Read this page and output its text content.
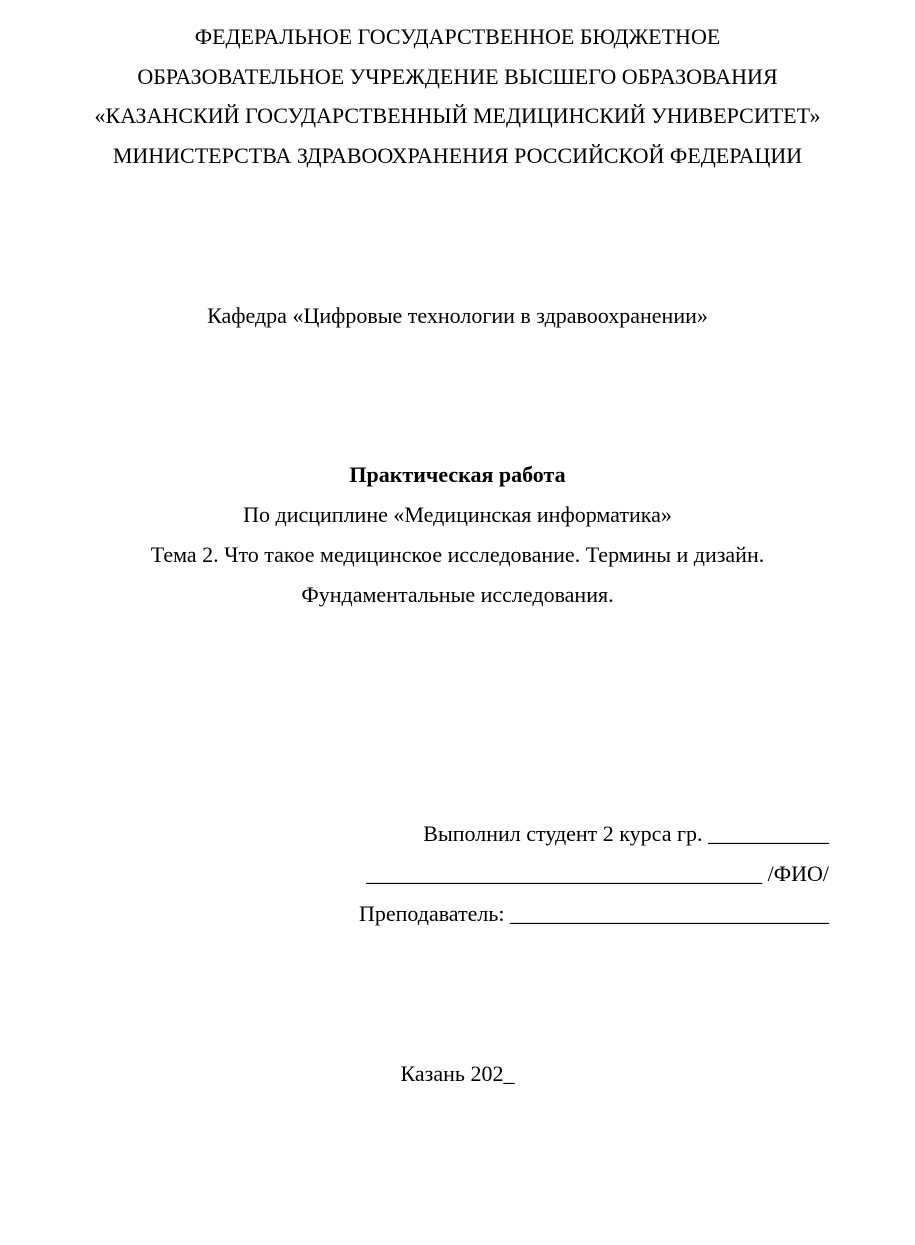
ФЕДЕРАЛЬНОЕ ГОСУДАРСТВЕННОЕ БЮДЖЕТНОЕ

ОБРАЗОВАТЕЛЬНОЕ УЧРЕЖДЕНИЕ ВЫСШЕГО ОБРАЗОВАНИЯ

«КАЗАНСКИЙ ГОСУДАРСТВЕННЫЙ МЕДИЦИНСКИЙ УНИВЕРСИТЕТ»

МИНИСТЕРСТВА ЗДРАВООХРАНЕНИЯ РОССИЙСКОЙ ФЕДЕРАЦИИ

Кафедра «Цифровые технологии в здравоохранении»

Практическая работа

По дисциплине «Медицинская информатика»

Тема 2. Что такое медицинское исследование. Термины и дизайн.

Фундаментальные исследования.

Выполнил студент 2 курса гр. ___________

____________________________________ /ФИО/

Преподаватель: _____________________________

Казань 202_
